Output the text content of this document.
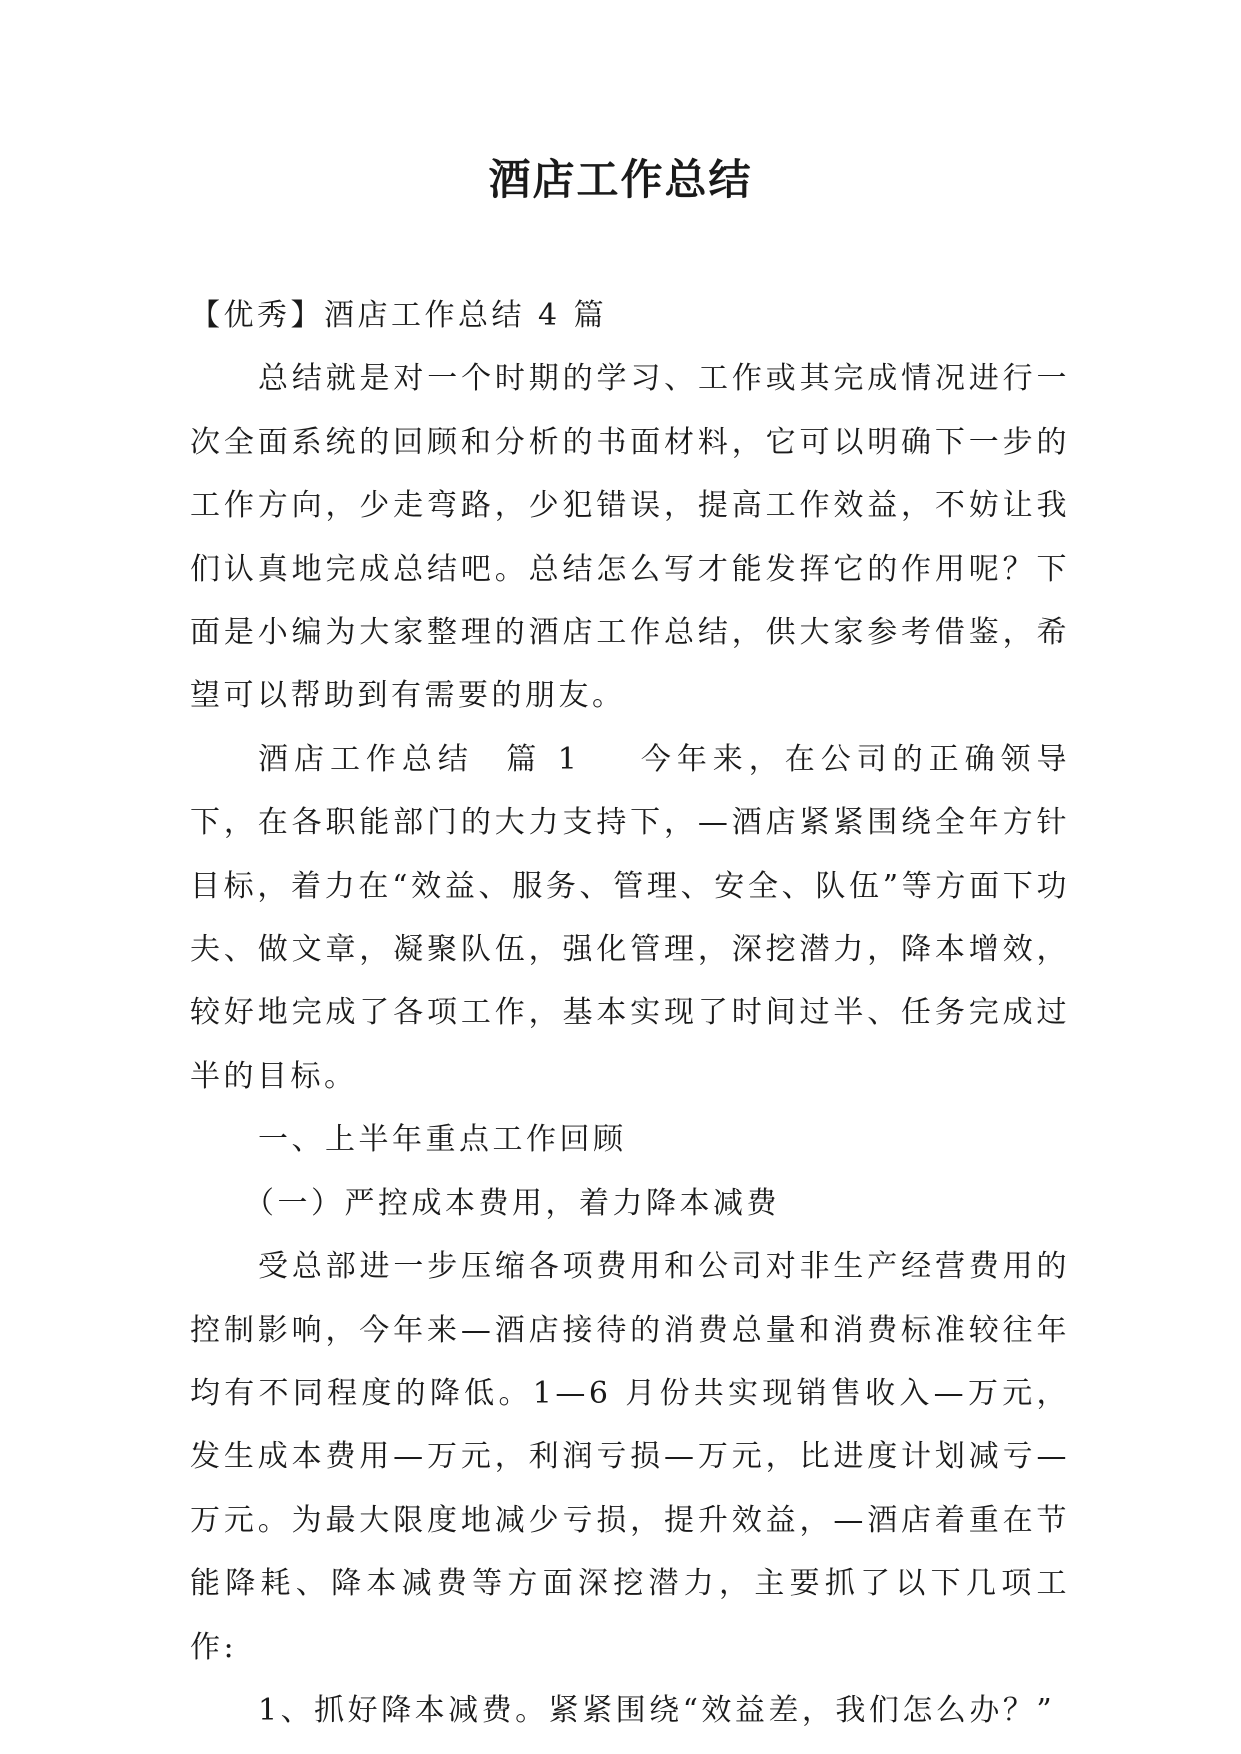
酒店工作总结

【优秀】酒店工作总结 4 篇

总结就是对一个时期的学习、工作或其完成情况进行一次全面系统的回顾和分析的书面材料，它可以明确下一步的工作方向，少走弯路，少犯错误，提高工作效益，不妨让我们认真地完成总结吧。总结怎么写才能发挥它的作用呢？下面是小编为大家整理的酒店工作总结，供大家参考借鉴，希望可以帮助到有需要的朋友。

酒店工作总结 篇 1 今年来，在公司的正确领导下，在各职能部门的大力支持下，—酒店紧紧围绕全年方针目标，着力在“效益、服务、管理、安全、队伍”等方面下功夫、做文章，凝聚队伍，强化管理，深挖潜力，降本增效，较好地完成了各项工作，基本实现了时间过半、任务完成过半的目标。

一、上半年重点工作回顾

（一）严控成本费用，着力降本减费

受总部进一步压缩各项费用和公司对非生产经营费用的控制影响，今年来—酒店接待的消费总量和消费标准较往年均有不同程度的降低。1—6 月份共实现销售收入—万元，发生成本费用—万元，利润亏损—万元，比进度计划减亏—万元。为最大限度地减少亏损，提升效益，—酒店着重在节能降耗、降本减费等方面深挖潜力，主要抓了以下几项工作:

1、抓好降本减费。紧紧围绕“效益差，我们怎么办？”
